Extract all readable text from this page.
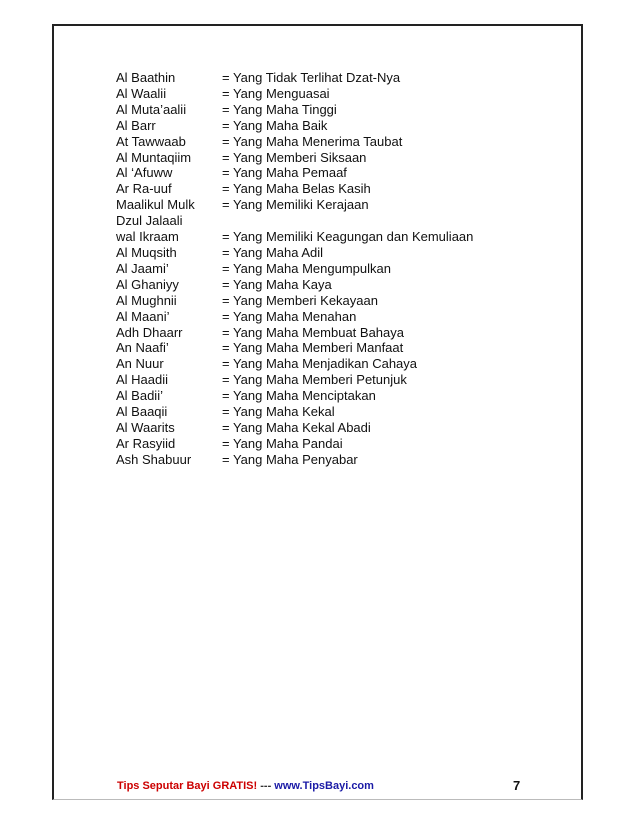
Al Baathin	= Yang Tidak Terlihat Dzat-Nya
Al Waalii	= Yang Menguasai
Al Muta’aalii	= Yang Maha Tinggi
Al Barr	= Yang Maha Baik
At Tawwaab	= Yang Maha Menerima Taubat
Al Muntaqiim	= Yang Memberi Siksaan
Al ‘Afuww	= Yang Maha Pemaaf
Ar Ra-uuf	= Yang Maha Belas Kasih
Maalikul Mulk	= Yang Memiliki Kerajaan
Dzul Jalaali
wal Ikraam	= Yang Memiliki Keagungan dan Kemuliaan
Al Muqsith	= Yang Maha Adil
Al Jaami’	= Yang Maha Mengumpulkan
Al Ghaniyy	= Yang Maha Kaya
Al Mughnii	= Yang Memberi Kekayaan
Al Maani’	= Yang Maha Menahan
Adh Dhaarr	= Yang Maha Membuat Bahaya
An Naafi’	= Yang Maha Memberi Manfaat
An Nuur	= Yang Maha Menjadikan Cahaya
Al Haadii	= Yang Maha Memberi Petunjuk
Al Badii’	= Yang Maha Menciptakan
Al Baaqii	= Yang Maha Kekal
Al Waarits	= Yang Maha Kekal Abadi
Ar Rasyiid	= Yang Maha Pandai
Ash Shabuur	= Yang Maha Penyabar
Tips Seputar Bayi GRATIS! --- www.TipsBayi.com	7
